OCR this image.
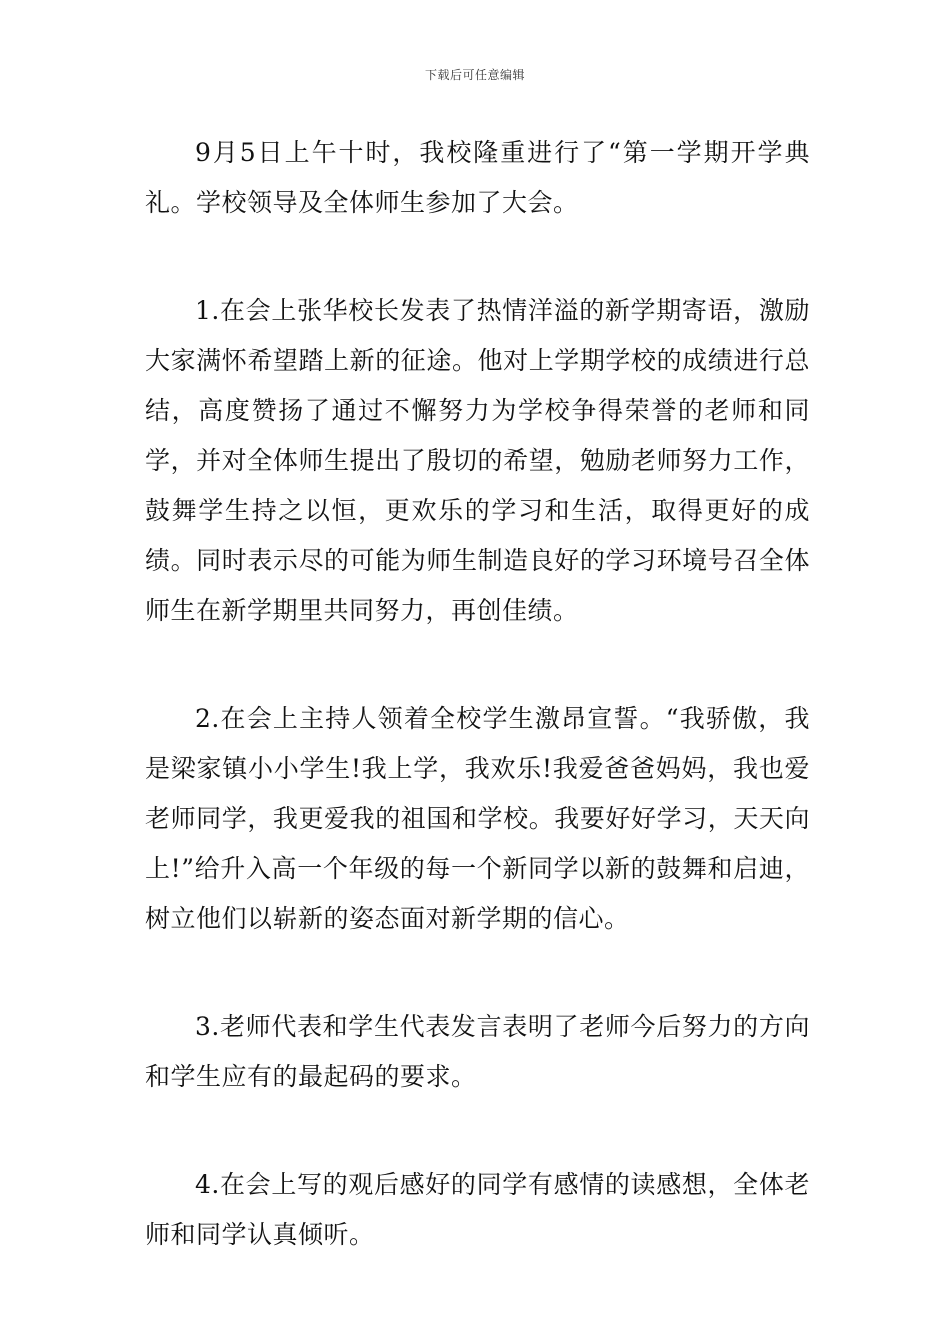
下载后可任意编辑

9月5日上午十时，我校隆重进行了“第一学期开学典礼。学校领导及全体师生参加了大会。

1.在会上张华校长发表了热情洋溢的新学期寄语，激励大家满怀希望踏上新的征途。他对上学期学校的成绩进行总结，高度赞扬了通过不懈努力为学校争得荣誉的老师和同学，并对全体师生提出了殷切的希望，勉励老师努力工作，鼓舞学生持之以恒，更欢乐的学习和生活，取得更好的成绩。同时表示尽的可能为师生制造良好的学习环境号召全体师生在新学期里共同努力，再创佳绩。

2.在会上主持人领着全校学生激昂宣誓。“我骄傲，我是梁家镇小小学生!我上学，我欢乐!我爱爸爸妈妈，我也爱老师同学，我更爱我的祖国和学校。我要好好学习，天天向上!”给升入高一个年级的每一个新同学以新的鼓舞和启迪，树立他们以崭新的姿态面对新学期的信心。

3.老师代表和学生代表发言表明了老师今后努力的方向和学生应有的最起码的要求。

4.在会上写的观后感好的同学有感情的读感想，全体老师和同学认真倾听。
